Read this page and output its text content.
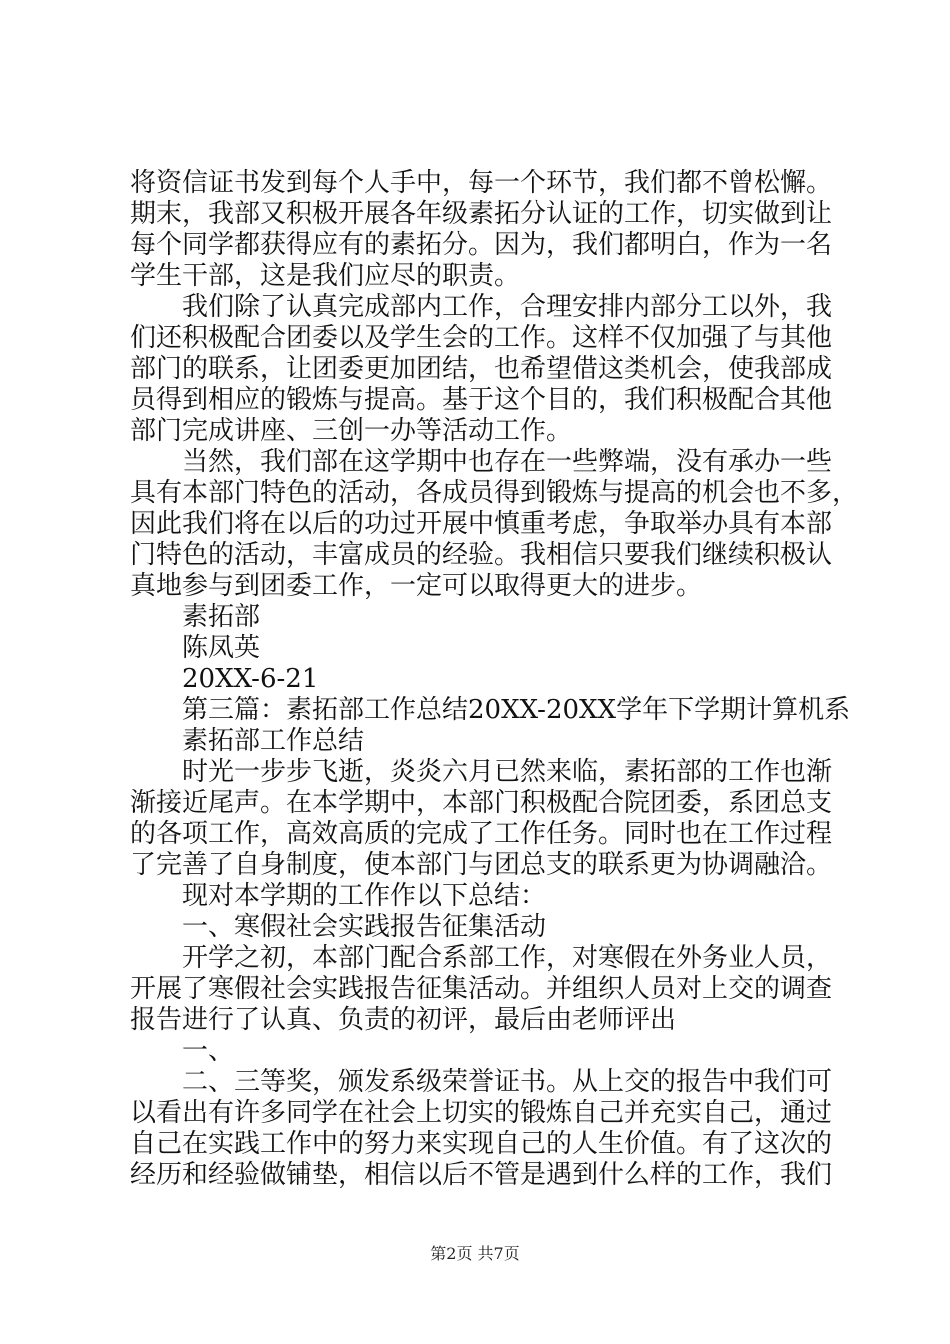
将资信证书发到每个人手中，每一个环节，我们都不曾松懈。
期末，我部又积极开展各年级素拓分认证的工作，切实做到让
每个同学都获得应有的素拓分。因为，我们都明白，作为一名
学生干部，这是我们应尽的职责。
我们除了认真完成部内工作，合理安排内部分工以外，我
们还积极配合团委以及学生会的工作。这样不仅加强了与其他
部门的联系，让团委更加团结，也希望借这类机会，使我部成
员得到相应的锻炼与提高。基于这个目的，我们积极配合其他
部门完成讲座、三创一办等活动工作。
当然，我们部在这学期中也存在一些弊端，没有承办一些
具有本部门特色的活动，各成员得到锻炼与提高的机会也不多，
因此我们将在以后的功过开展中慎重考虑，争取举办具有本部
门特色的活动，丰富成员的经验。我相信只要我们继续积极认
真地参与到团委工作，一定可以取得更大的进步。
素拓部
陈凤英
20XX-6-21
第三篇：素拓部工作总结20XX-20XX学年下学期计算机系
素拓部工作总结
时光一步步飞逝，炎炎六月已然来临，素拓部的工作也渐
渐接近尾声。在本学期中，本部门积极配合院团委，系团总支
的各项工作，高效高质的完成了工作任务。同时也在工作过程
了完善了自身制度，使本部门与团总支的联系更为协调融洽。
现对本学期的工作作以下总结：
一、寒假社会实践报告征集活动
开学之初，本部门配合系部工作，对寒假在外务业人员，
开展了寒假社会实践报告征集活动。并组织人员对上交的调查
报告进行了认真、负责的初评，最后由老师评出
一、
二、三等奖，颁发系级荣誉证书。从上交的报告中我们可
以看出有许多同学在社会上切实的锻炼自己并充实自己，通过
自己在实践工作中的努力来实现自己的人生价值。有了这次的
经历和经验做铺垫，相信以后不管是遇到什么样的工作，我们
第2页 共7页
